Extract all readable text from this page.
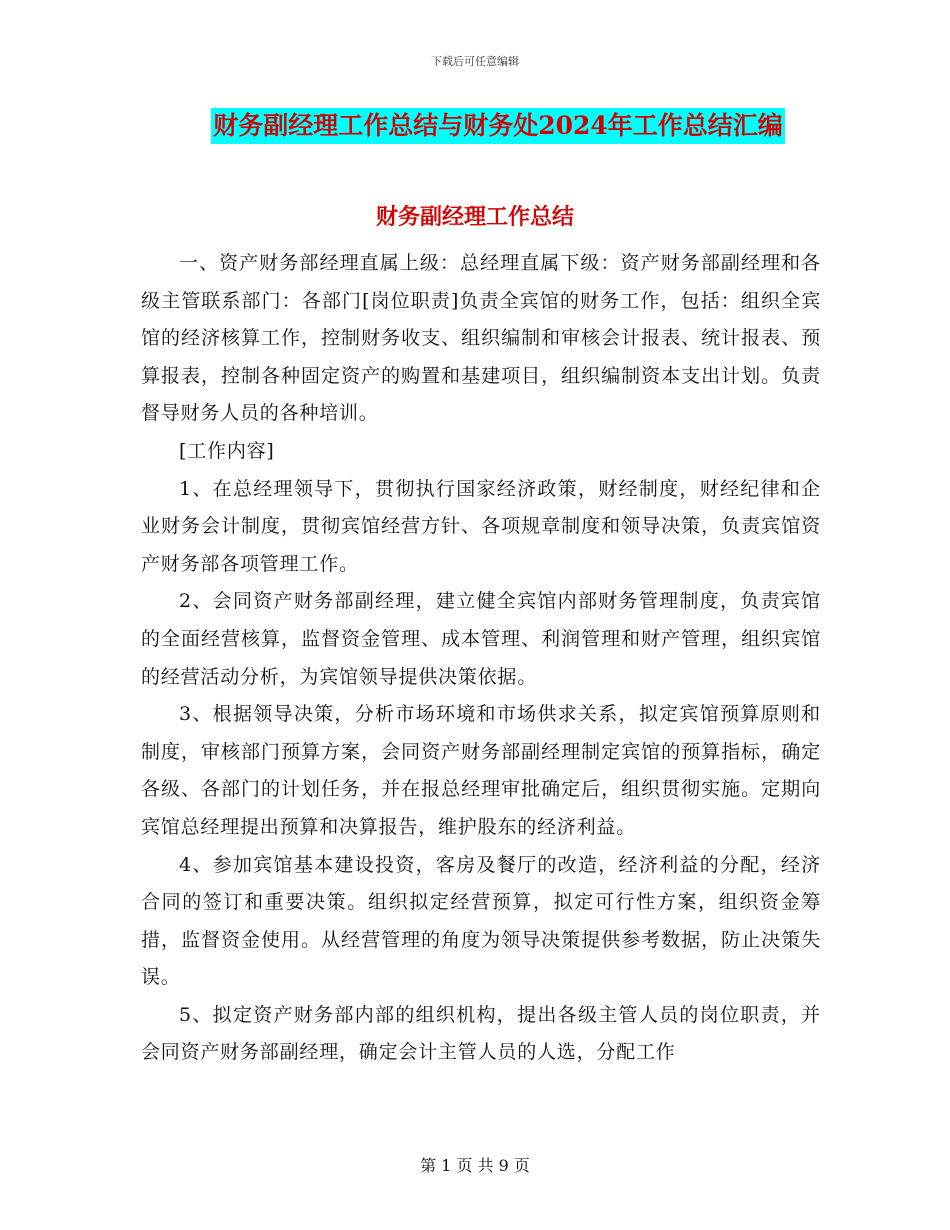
下载后可任意编辑
财务副经理工作总结与财务处2024年工作总结汇编
财务副经理工作总结

一、资产财务部经理直属上级：总经理直属下级：资产财务部副经理和各级主管联系部门：各部门[岗位职责]负责全宾馆的财务工作，包括：组织全宾馆的经济核算工作，控制财务收支、组织编制和审核会计报表、统计报表、预算报表，控制各种固定资产的购置和基建项目，组织编制资本支出计划。负责督导财务人员的各种培训。

[工作内容]

1、在总经理领导下，贯彻执行国家经济政策，财经制度，财经纪律和企业财务会计制度，贯彻宾馆经营方针、各项规章制度和领导决策，负责宾馆资产财务部各项管理工作。

2、会同资产财务部副经理，建立健全宾馆内部财务管理制度，负责宾馆的全面经营核算，监督资金管理、成本管理、利润管理和财产管理，组织宾馆的经营活动分析，为宾馆领导提供决策依据。

3、根据领导决策，分析市场环境和市场供求关系，拟定宾馆预算原则和制度，审核部门预算方案，会同资产财务部副经理制定宾馆的预算指标，确定各级、各部门的计划任务，并在报总经理审批确定后，组织贯彻实施。定期向宾馆总经理提出预算和决算报告，维护股东的经济利益。

4、参加宾馆基本建设投资，客房及餐厅的改造，经济利益的分配，经济合同的签订和重要决策。组织拟定经营预算，拟定可行性方案，组织资金筹措，监督资金使用。从经营管理的角度为领导决策提供参考数据，防止决策失误。

5、拟定资产财务部内部的组织机构，提出各级主管人员的岗位职责，并会同资产财务部副经理，确定会计主管人员的人选，分配工作

第 1 页 共 9 页
